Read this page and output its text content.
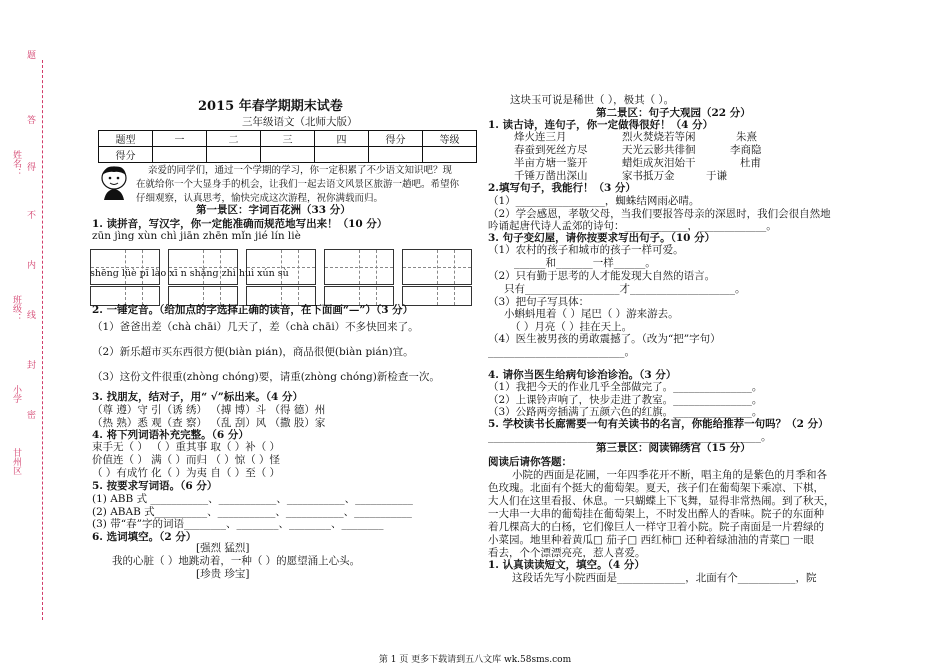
题
答
得
不
内
线
封
密
姓名：
班级：
小学
甘州区
2015 年春学期期末试卷
三年级语文（北师大版）
题型	一	二	三	四	得分	等级
得分						
亲爱的同学们，通过一个学期的学习，你一定积累了不少语文知识吧？现
在就给你一个大显身手的机会，让我们一起去语文风景区旅游一趟吧。希望你
仔细观察，认真思考，愉快完成这次游程，祝你满载而归。
第一景区：字词百花洲（33 分）
1. 读拼音，写汉字，你一定能准确而规范地写出来！（10 分）
zūn jìng xùn chì jiān zhēn mǐn jié lín liè
shēng lüè pī lào xī n shǎng zhì huì xún sù
2. 一锤定音。（给加点的字选择正确的读音，在下面画“—”）（3 分）
（1）爸爸出差（chà chāi）几天了，差（chà chāi）不多快回来了。
（2）新乐超市买东西很方便(biàn pián)，商品很便(biàn pián)宜。
（3）这份文件很重(zhòng chóng)要，请重(zhòng chóng)新检查一次。
3. 找朋友，结对子，用“ √”标出来。（4 分）
（尊 遵）守 引（诱 绣） （搏 博）斗 （得 德）州
（热 熟）悉 观（查 察） （乱 刮）风 （撒 股）家
4. 将下列词语补充完整。（6 分）
束手无（ ） （ ）重其事 取（ ）补（ ）
价值连（ ） 满（ ）而归 （ ）惊（ ）怪
（ ）有成竹 化（ ）为夷 自（ ）至（ ）
5. 按要求写词语。（6 分）
(1) ABB 式 ___________、___________、___________、___________
(2) ABAB 式__________、___________、___________、___________
(3) 带“春”字的词语________、________、________、________
6. 选词填空。（2 分）
[强烈 猛烈]
我的心脏（ ）地跳动着，一种（ ）的愿望涌上心头。
[珍贵 珍宝]
这块玉可说是稀世（ ），极其（ ）。
第二景区：句子大观园（22 分）
1. 读古诗，连句子，你一定做得很好！（4 分）
烽火连三月	烈火焚烧若等闲	朱熹
春蚕到死丝方尽	天光云影共徘徊	李商隐
半亩方塘一鉴开	蜡炬成灰泪始干	杜甫
千锤万凿出深山	家书抵万金	于谦
2.填写句子，我能行！（3 分）
（1）_________________，蜘蛛结网雨必晴。
（2）学会感恩，孝敬父母，当我们要报答母亲的深恩时，我们会很自然地
吟诵起唐代诗人孟郊的诗句：____________，_____________。
3. 句子变幻屋，请你按要求写出句子。（10 分）
（1）农村的孩子和城市的孩子一样可爱。
______和_______一样______。
（2）只有勤于思考的人才能发现大自然的语言。
只有__________________才____________________。
（3）把句子写具体：
小蝌蚪甩着（ ）尾巴（ ）游来游去。
（ ）月亮（ ）挂在天上。
（4）医生被男孩的勇敢震撼了。（改为“把”字句）
__________________________。
4. 请你当医生给病句诊治诊治。（3 分）
（1）我把今天的作业几乎全部做完了。_______________。
（2）上课铃声响了，快步走进了教室。_______________。
（3）公路两旁插满了五颜六色的红旗。_______________。
5. 学校读书长廊需要一句有关读书的名言，你能给推荐一句吗？（2 分）
____________________________________________________。
第三景区：阅读锦绣宫（15 分）
阅读后请你答题：
小院的西面是花圃，一年四季花开不断，唱主角的是紫色的月季和各
色玫瑰。北面有个挺大的葡萄架。夏天，孩子们在葡萄架下乘凉、下棋，
大人们在这里看报、休息。一只蝴蝶上下飞舞，显得非常热闹。到了秋天，
一大串一大串的葡萄挂在葡萄架上，不时发出醉人的香味。院子的东面种
着几棵高大的白杨，它们像巨人一样守卫着小院。院子南面是一片碧绿的
小菜园。地里种着黄瓜□ 茄子□ 西红柿□ 还种着绿油油的青菜□ 一眼
看去，个个漂漂亮亮，惹人喜爱。
1. 认真读读短文，填空。（4 分）
这段话先写小院西面是_____________，北面有个___________，院
第 1 页 更多下载请到五八文库 wk.58sms.com
